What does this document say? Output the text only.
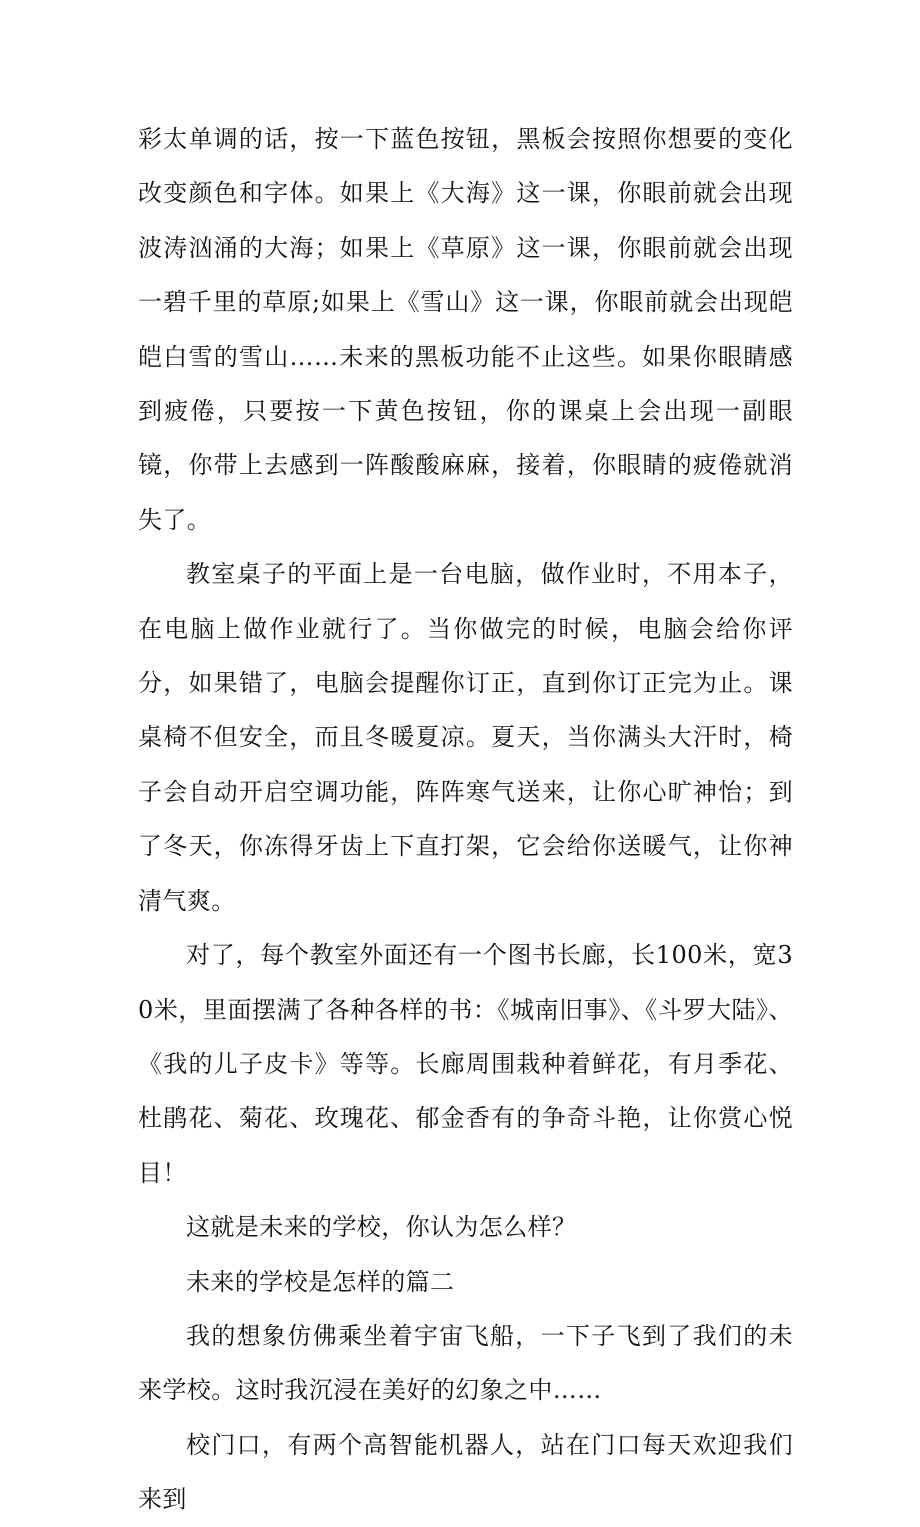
彩太单调的话，按一下蓝色按钮，黑板会按照你想要的变化改变颜色和字体。如果上《大海》这一课，你眼前就会出现波涛汹涌的大海；如果上《草原》这一课，你眼前就会出现一碧千里的草原;如果上《雪山》这一课，你眼前就会出现皑皑白雪的雪山……未来的黑板功能不止这些。如果你眼睛感到疲倦，只要按一下黄色按钮，你的课桌上会出现一副眼镜，你带上去感到一阵酸酸麻麻，接着，你眼睛的疲倦就消失了。

教室桌子的平面上是一台电脑，做作业时，不用本子，在电脑上做作业就行了。当你做完的时候，电脑会给你评分，如果错了，电脑会提醒你订正，直到你订正完为止。课桌椅不但安全，而且冬暖夏凉。夏天，当你满头大汗时，椅子会自动开启空调功能，阵阵寒气送来，让你心旷神怡；到了冬天，你冻得牙齿上下直打架，它会给你送暖气，让你神清气爽。

对了，每个教室外面还有一个图书长廊，长100米，宽30米，里面摆满了各种各样的书：《城南旧事》、《斗罗大陆》、《我的儿子皮卡》等等。长廊周围栽种着鲜花，有月季花、杜鹃花、菊花、玫瑰花、郁金香有的争奇斗艳，让你赏心悦目！

这就是未来的学校，你认为怎么样？

未来的学校是怎样的篇二

我的想象仿佛乘坐着宇宙飞船，一下子飞到了我们的未来学校。这时我沉浸在美好的幻象之中……

校门口，有两个高智能机器人，站在门口每天欢迎我们来到
